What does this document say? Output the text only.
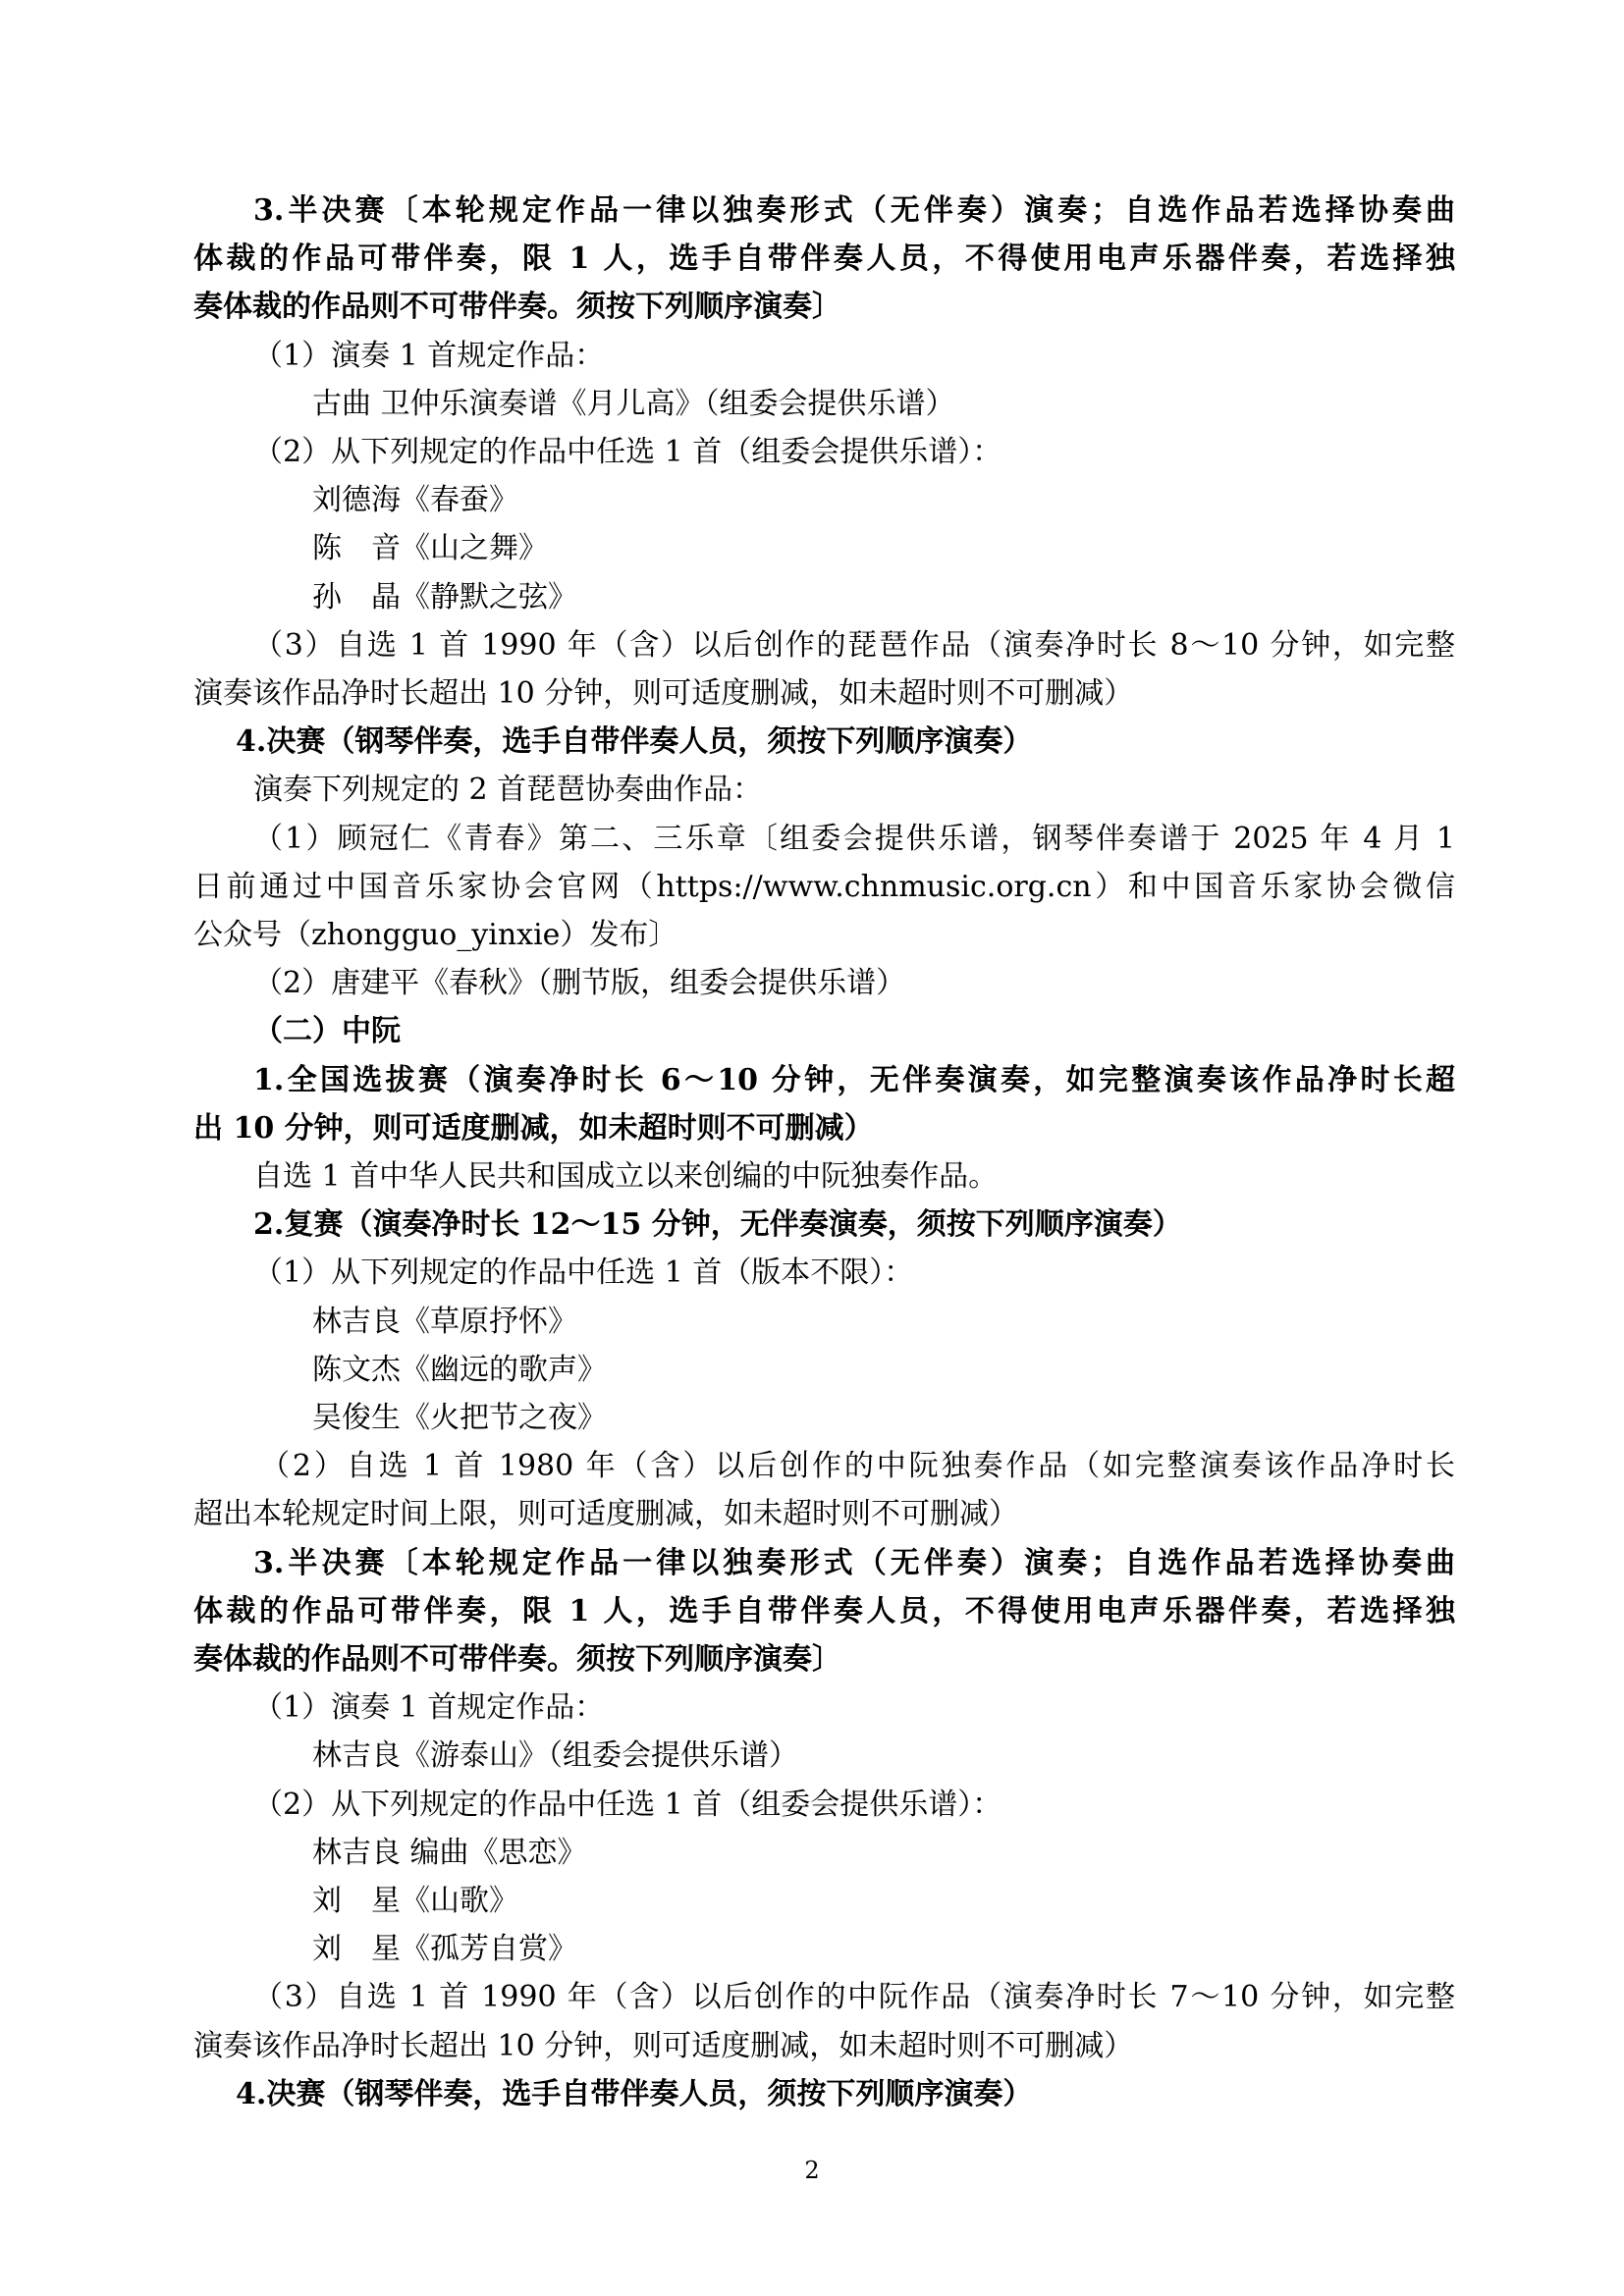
3.半决赛〔本轮规定作品一律以独奏形式（无伴奏）演奏；自选作品若选择协奏曲
体裁的作品可带伴奏，限 1 人，选手自带伴奏人员，不得使用电声乐器伴奏，若选择独
奏体裁的作品则不可带伴奏。须按下列顺序演奏〕
（1）演奏 1 首规定作品：
古曲 卫仲乐演奏谱《月儿高》（组委会提供乐谱）
（2）从下列规定的作品中任选 1 首（组委会提供乐谱）：
刘德海《春蚕》
陈　音《山之舞》
孙　晶《静默之弦》
（3）自选 1 首 1990 年（含）以后创作的琵琶作品（演奏净时长 8～10 分钟，如完整
演奏该作品净时长超出 10 分钟，则可适度删减，如未超时则不可删减）
4.决赛（钢琴伴奏，选手自带伴奏人员，须按下列顺序演奏）
演奏下列规定的 2 首琵琶协奏曲作品：
（1）顾冠仁《青春》第二、三乐章〔组委会提供乐谱，钢琴伴奏谱于 2025 年 4 月 1
日前通过中国音乐家协会官网（https://www.chnmusic.org.cn）和中国音乐家协会微信
公众号（zhongguo_yinxie）发布〕
（2）唐建平《春秋》（删节版，组委会提供乐谱）
（二）中阮
1.全国选拔赛（演奏净时长 6～10 分钟，无伴奏演奏，如完整演奏该作品净时长超
出 10 分钟，则可适度删减，如未超时则不可删减）
自选 1 首中华人民共和国成立以来创编的中阮独奏作品。
2.复赛（演奏净时长 12～15 分钟，无伴奏演奏，须按下列顺序演奏）
（1）从下列规定的作品中任选 1 首（版本不限）：
林吉良《草原抒怀》
陈文杰《幽远的歌声》
吴俊生《火把节之夜》
（2）自选 1 首 1980 年（含）以后创作的中阮独奏作品（如完整演奏该作品净时长
超出本轮规定时间上限，则可适度删减，如未超时则不可删减）
3.半决赛〔本轮规定作品一律以独奏形式（无伴奏）演奏；自选作品若选择协奏曲
体裁的作品可带伴奏，限 1 人，选手自带伴奏人员，不得使用电声乐器伴奏，若选择独
奏体裁的作品则不可带伴奏。须按下列顺序演奏〕
（1）演奏 1 首规定作品：
林吉良《游泰山》（组委会提供乐谱）
（2）从下列规定的作品中任选 1 首（组委会提供乐谱）：
林吉良 编曲《思恋》
刘　星《山歌》
刘　星《孤芳自赏》
（3）自选 1 首 1990 年（含）以后创作的中阮作品（演奏净时长 7～10 分钟，如完整
演奏该作品净时长超出 10 分钟，则可适度删减，如未超时则不可删减）
4.决赛（钢琴伴奏，选手自带伴奏人员，须按下列顺序演奏）
2
